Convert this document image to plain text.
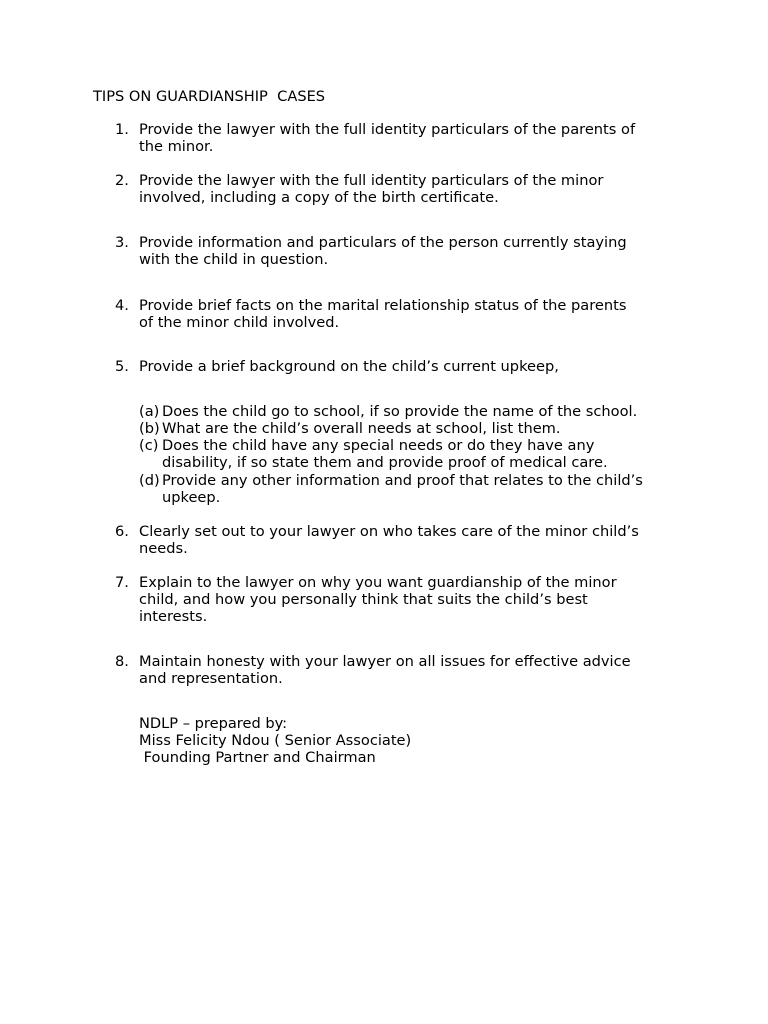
TIPS ON GUARDIANSHIP  CASES
1. Provide the lawyer with the full identity particulars of the parents of
the minor.
2. Provide the lawyer with the full identity particulars of the minor
involved, including a copy of the birth certificate.
3. Provide information and particulars of the person currently staying
with the child in question.
4. Provide brief facts on the marital relationship status of the parents
of the minor child involved.
5. Provide a brief background on the child’s current upkeep,
(a) Does the child go to school, if so provide the name of the school.
(b) What are the child’s overall needs at school, list them.
(c) Does the child have any special needs or do they have any
disability, if so state them and provide proof of medical care.
(d) Provide any other information and proof that relates to the child’s
upkeep.
6. Clearly set out to your lawyer on who takes care of the minor child’s
needs.
7. Explain to the lawyer on why you want guardianship of the minor
child, and how you personally think that suits the child’s best
interests.
8. Maintain honesty with your lawyer on all issues for effective advice
and representation.
NDLP – prepared by:
Miss Felicity Ndou ( Senior Associate)
Founding Partner and Chairman
